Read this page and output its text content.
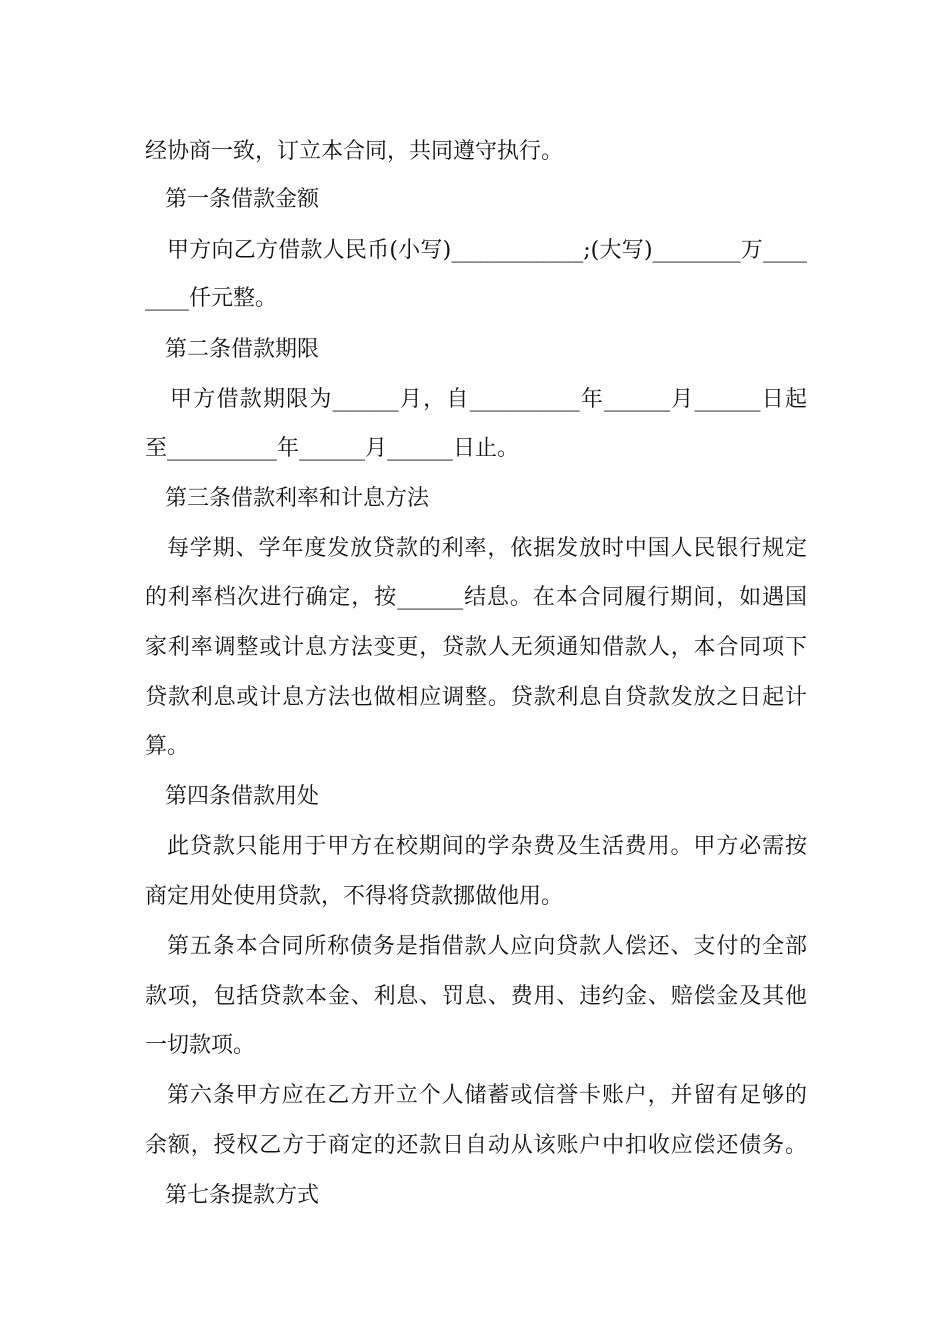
经协商一致，订立本合同，共同遵守执行。
第一条借款金额
甲方向乙方借款人民币(小写)____________;(大写)________万____
____仟元整。
第二条借款期限
甲方借款期限为______月，自__________年______月______日起
至__________年______月______日止。
第三条借款利率和计息方法
每学期、学年度发放贷款的利率，依据发放时中国人民银行规定
的利率档次进行确定，按______结息。在本合同履行期间，如遇国
家利率调整或计息方法变更，贷款人无须通知借款人，本合同项下
贷款利息或计息方法也做相应调整。贷款利息自贷款发放之日起计
算。
第四条借款用处
此贷款只能用于甲方在校期间的学杂费及生活费用。甲方必需按
商定用处使用贷款，不得将贷款挪做他用。
第五条本合同所称债务是指借款人应向贷款人偿还、支付的全部
款项，包括贷款本金、利息、罚息、费用、违约金、赔偿金及其他
一切款项。
第六条甲方应在乙方开立个人储蓄或信誉卡账户，并留有足够的
余额，授权乙方于商定的还款日自动从该账户中扣收应偿还债务。
第七条提款方式
